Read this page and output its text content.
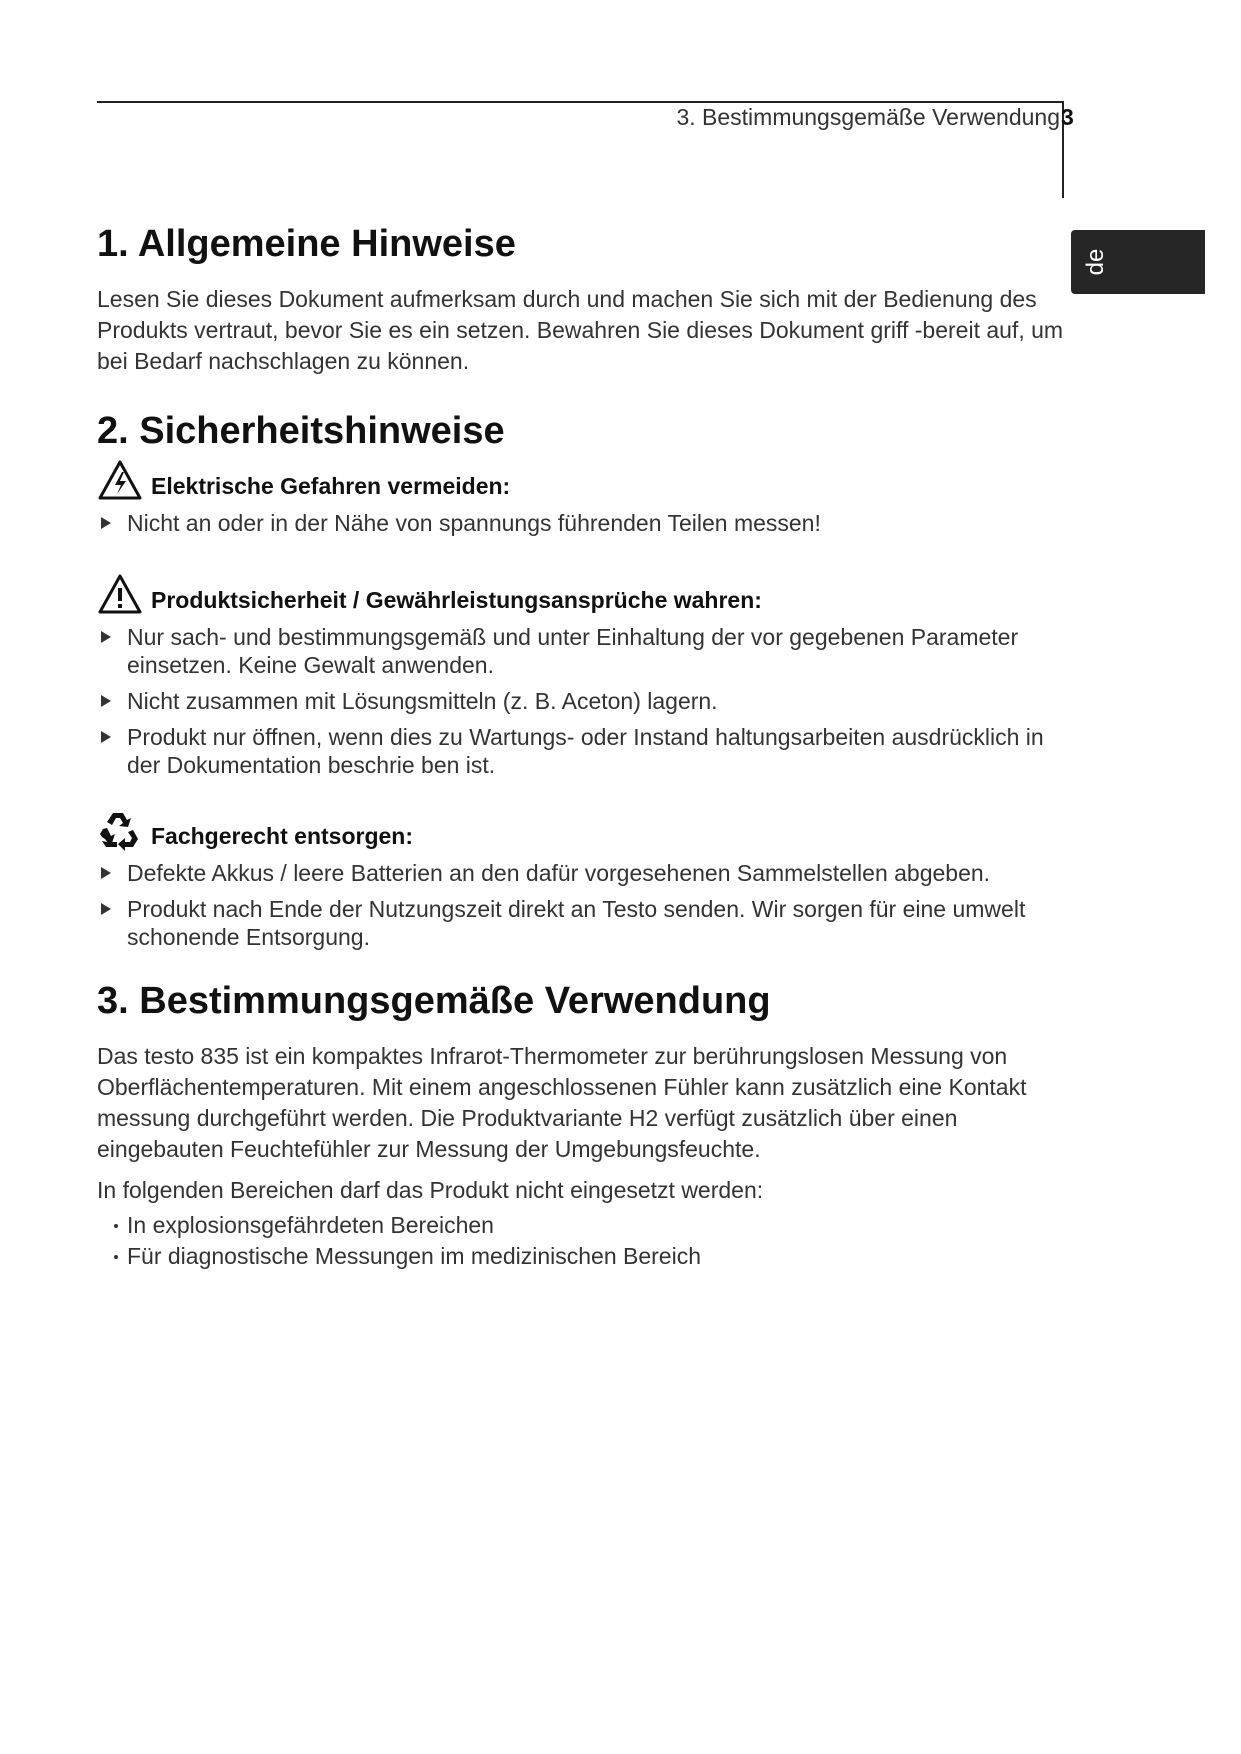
3. Bestimmungsgemäße Verwendung 3
de
1. Allgemeine Hinweise

Lesen Sie dieses Dokument aufmerksam durch und machen Sie sich mit der Bedienung des Produkts vertraut, bevor Sie es ein setzen. Bewahren Sie dieses Dokument griff -bereit auf, um bei Bedarf nachschlagen zu können.

2. Sicherheitshinweise
Elektrische Gefahren vermeiden:
Nicht an oder in der Nähe von spannungs führenden Teilen messen!
Produktsicherheit / Gewährleistungsansprüche wahren:
Nur sach- und bestimmungsgemäß und unter Einhaltung der vor gegebenen Parameter einsetzen. Keine Gewalt anwenden.
Nicht zusammen mit Lösungsmitteln (z. B. Aceton) lagern.
Produkt nur öffnen, wenn dies zu Wartungs- oder Instand haltungsarbeiten ausdrücklich in der Dokumentation beschrie ben ist.
Fachgerecht entsorgen:
Defekte Akkus / leere Batterien an den dafür vorgesehenen Sammelstellen abgeben.
Produkt nach Ende der Nutzungszeit direkt an Testo senden. Wir sorgen für eine umwelt schonende Entsorgung.
3. Bestimmungsgemäße Verwendung

Das testo 835 ist ein kompaktes Infrarot-Thermometer zur berührungslosen Messung von Oberflächentemperaturen. Mit einem angeschlossenen Fühler kann zusätzlich eine Kontakt messung durchgeführt werden. Die Produktvariante H2 verfügt zusätzlich über einen eingebauten Feuchtefühler zur Messung der Umgebungsfeuchte.

In folgenden Bereichen darf das Produkt nicht eingesetzt werden:

In explosionsgefährdeten Bereichen
Für diagnostische Messungen im medizinischen Bereich
